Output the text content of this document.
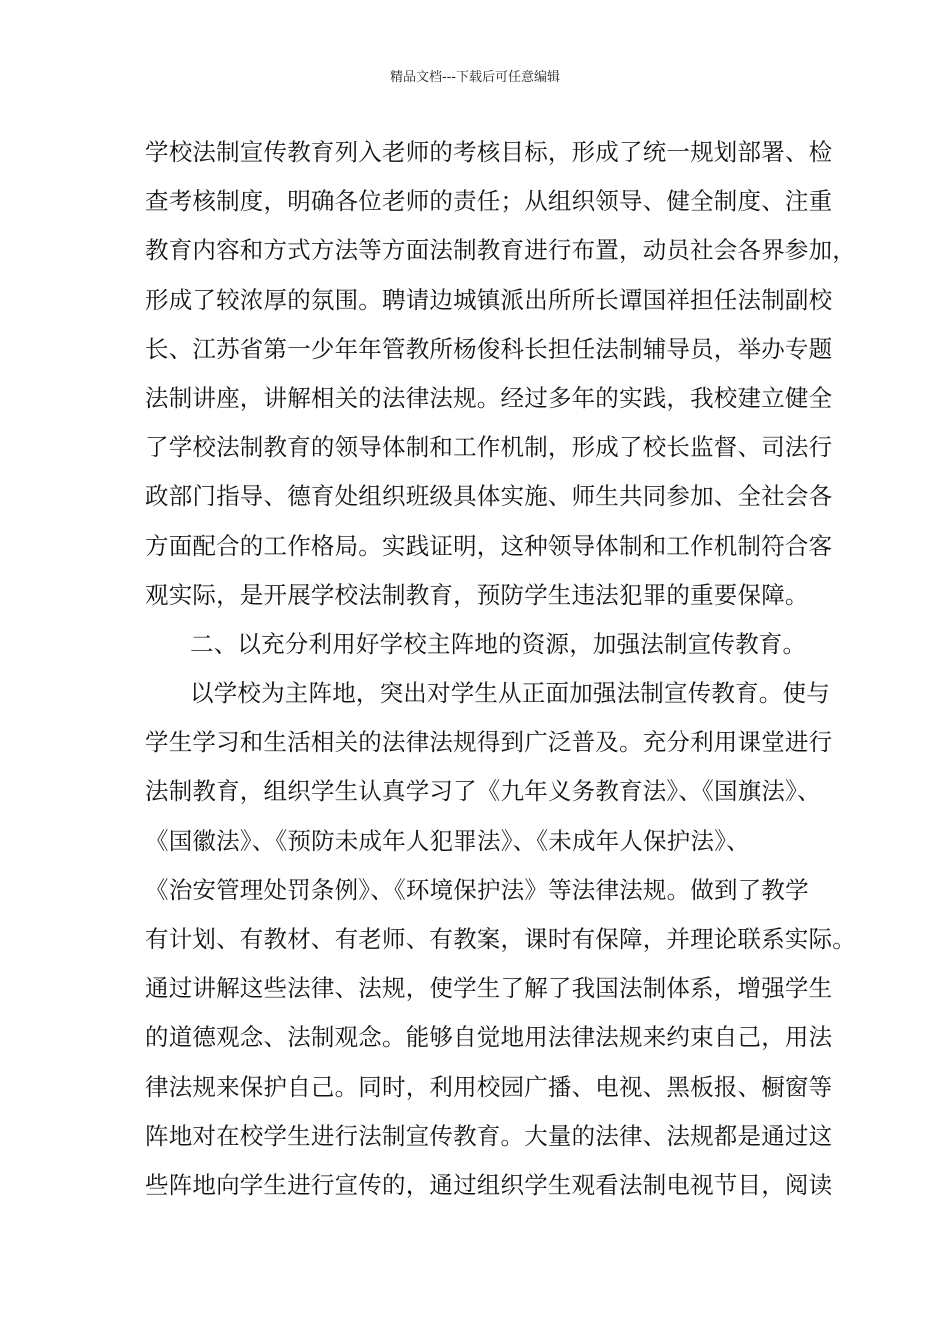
精品文档---下载后可任意编辑
学校法制宣传教育列入老师的考核目标，形成了统一规划部署、检
查考核制度，明确各位老师的责任；从组织领导、健全制度、注重
教育内容和方式方法等方面法制教育进行布置，动员社会各界参加，
形成了较浓厚的氛围。聘请边城镇派出所所长谭国祥担任法制副校
长、江苏省第一少年年管教所杨俊科长担任法制辅导员，举办专题
法制讲座，讲解相关的法律法规。经过多年的实践，我校建立健全
了学校法制教育的领导体制和工作机制，形成了校长监督、司法行
政部门指导、德育处组织班级具体实施、师生共同参加、全社会各
方面配合的工作格局。实践证明，这种领导体制和工作机制符合客
观实际，是开展学校法制教育，预防学生违法犯罪的重要保障。
二、以充分利用好学校主阵地的资源，加强法制宣传教育。
以学校为主阵地，突出对学生从正面加强法制宣传教育。使与
学生学习和生活相关的法律法规得到广泛普及。充分利用课堂进行
法制教育，组织学生认真学习了《九年义务教育法》、《国旗法》、
《国徽法》、《预防未成年人犯罪法》、《未成年人保护法》、
《治安管理处罚条例》、《环境保护法》等法律法规。做到了教学
有计划、有教材、有老师、有教案，课时有保障，并理论联系实际。
通过讲解这些法律、法规，使学生了解了我国法制体系，增强学生
的道德观念、法制观念。能够自觉地用法律法规来约束自己，用法
律法规来保护自己。同时，利用校园广播、电视、黑板报、橱窗等
阵地对在校学生进行法制宣传教育。大量的法律、法规都是通过这
些阵地向学生进行宣传的，通过组织学生观看法制电视节目，阅读
